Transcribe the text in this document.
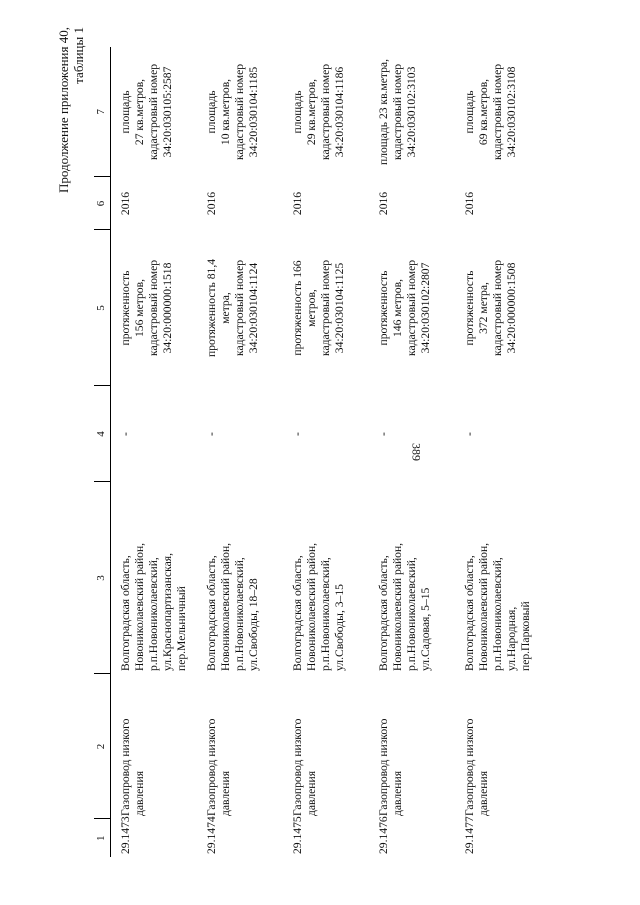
389
Продолжение приложения 40, таблицы 1
1	2	3	4	5	6	7
29.1473	Газопровод низкого давления	Волгоградская область, Новониколаевский район, р.п.Новониколаевский, ул.Краснопартизанская, пер.Мельничный	-	протяженность 156 метров, кадастровый номер 34:20:000000:1518	2016	площадь 27 кв.метров, кадастровый номер 34:20:030105:2587

29.1474	Газопровод низкого давления	Волгоградская область, Новониколаевский район, р.п.Новониколаевский, ул.Свободы, 18–28	-	протяженность 81,4 метра, кадастровый номер 34:20:030104:1124	2016	площадь 10 кв.метров, кадастровый номер 34:20:030104:1185

29.1475	Газопровод низкого давления	Волгоградская область, Новониколаевский район, р.п.Новониколаевский, ул.Свободы, 3–15	-	протяженность 166 метров, кадастровый номер 34:20:030104:1125	2016	площадь 29 кв.метров, кадастровый номер 34:20:030104:1186

29.1476	Газопровод низкого давления	Волгоградская область, Новониколаевский район, р.п.Новониколаевский, ул.Садовая, 5–15	-	протяженность 146 метров, кадастровый номер 34:20:030102:2807	2016	площадь 23 кв.метра, кадастровый номер 34:20:030102:3103

29.1477	Газопровод низкого давления	Волгоградская область, Новониколаевский район, р.п.Новониколаевский, ул.Народная, пер.Парковый	-	протяженность 372 метра, кадастровый номер 34:20:000000:1508	2016	площадь 69 кв.метров, кадастровый номер 34:20:030102:3108
